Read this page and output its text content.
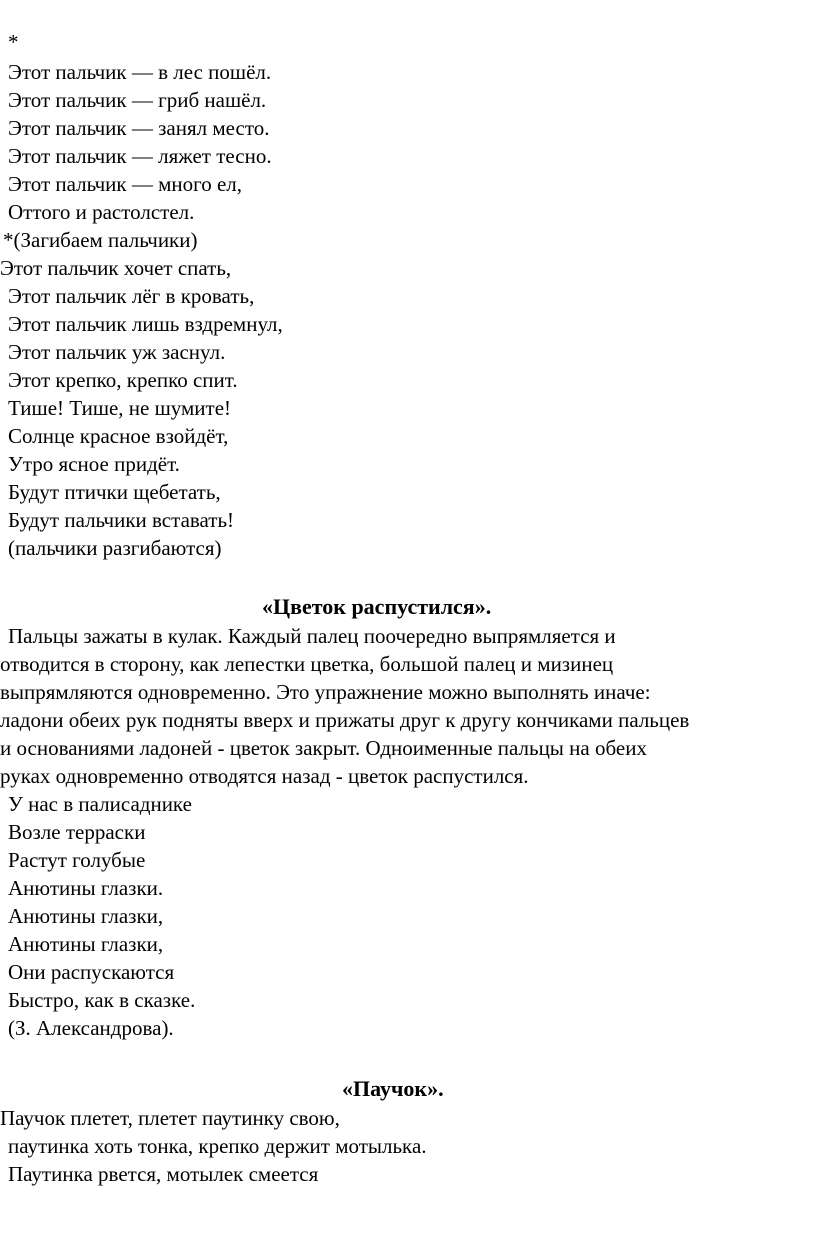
*
Этот пальчик — в лес пошёл.
Этот пальчик — гриб нашёл.
Этот пальчик — занял место.
Этот пальчик — ляжет тесно.
Этот пальчик — много ел,
Оттого и растолстел.
*(Загибаем пальчики)
Этот пальчик хочет спать,
Этот пальчик лёг в кровать,
Этот пальчик лишь вздремнул,
Этот пальчик уж заснул.
Этот крепко, крепко спит.
Тише! Тише, не шумите!
Солнце красное взойдёт,
Утро ясное придёт.
Будут птички щебетать,
Будут пальчики вставать!
(пальчики разгибаются)
«Цветок распустился».
Пальцы зажаты в кулак. Каждый палец поочередно выпрямляется и
отводится в сторону, как лепестки цветка, большой палец и мизинец
выпрямляются одновременно. Это упражнение можно выполнять иначе:
ладони обеих рук подняты вверх и прижаты друг к другу кончиками пальцев
и основаниями ладоней - цветок закрыт. Одноименные пальцы на обеих
руках одновременно отводятся назад - цветок распустился.
У нас в палисаднике
Возле терраски
Растут голубые
Анютины глазки.
Анютины глазки,
Анютины глазки,
Они распускаются
Быстро, как в сказке.
(З. Александрова).
«Паучок».
Паучок плетет, плетет паутинку свою,
паутинка хоть тонка, крепко держит мотылька.
Паутинка рвется, мотылек смеется
